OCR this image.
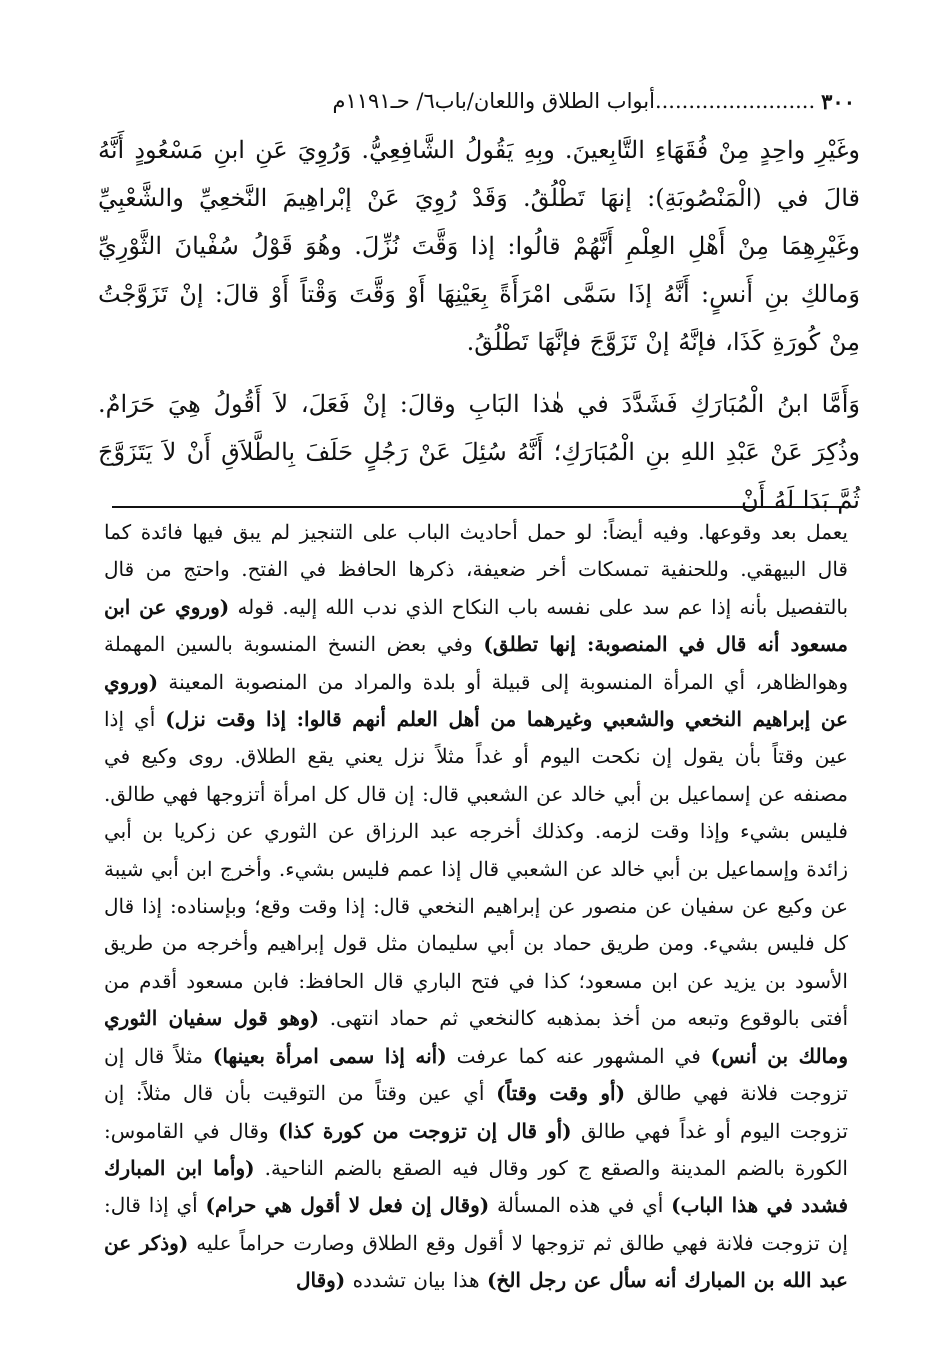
٣٠٠
........................
أبواب الطلاق واللعان/باب٦/ حـ١١٩١م

وغَيْرِ واحِدٍ مِنْ فُقَهَاءِ التَّابِعينَ. وبِهِ يَقُولُ الشَّافِعِيُّ. وَرُوِيَ عَنِ ابنِ مَسْعُودٍ أَنَّهُ قالَ في (الْمَنْصُوبَةِ): إنهَا تَطْلُقُ. وَقَدْ رُوِيَ عَنْ إبْراهِيمَ النَّخعِيِّ والشَّعْبِيِّ وغَيْرِهِمَا مِنْ أَهْلِ العِلْمِ أَنَّهُمْ قالُوا: إذا وَقَّتَ نُزِّلَ. وهُوَ قَوْلُ سُفْيانَ الثَّوْرِيِّ وَمالكِ بنِ أَنسٍ: أَنَّهُ إذَا سَمَّى امْرَأَةً بِعَيْنِهَا أَوْ وَقَّتَ وَقْتاً أَوْ قالَ: إنْ تَزَوَّجْتُ مِنْ كُورَةِ كَذَا، فإنَّهُ إنْ تَزَوَّجَ فإنَّهَا تَطْلُقُ.

وَأَمَّا ابنُ الْمُبَارَكِ فَشَدَّدَ في هٰذا البَابِ وقالَ: إنْ فَعَلَ، لاَ أَقُولُ هِيَ حَرَامٌ. وذُكِرَ عَنْ عَبْدِ اللهِ بنِ الْمُبَارَكِ؛ أَنَّهُ سُئِلَ عَنْ رَجُلٍ حَلَفَ بِالطَّلاَقِ أَنْ لاَ يَتَزَوَّجَ ثُمَّ بَدَا لَهُ أَنْ

يعمل بعد وقوعها. وفيه أيضاً: لو حمل أحاديث الباب على التنجيز لم يبق فيها فائدة كما قال البيهقي. وللحنفية تمسكات أخر ضعيفة، ذكرها الحافظ في الفتح. واحتج من قال بالتفصيل بأنه إذا عم سد على نفسه باب النكاح الذي ندب الله إليه. قوله (وروي عن ابن مسعود أنه قال في المنصوبة: إنها تطلق) وفي بعض النسخ المنسوبة بالسين المهملة وهوالظاهر، أي المرأة المنسوبة إلى قبيلة أو بلدة والمراد من المنصوبة المعينة (وروي عن إبراهيم النخعي والشعبي وغيرهما من أهل العلم أنهم قالوا: إذا وقت نزل) أي إذا عين وقتاً بأن يقول إن نكحت اليوم أو غداً مثلاً نزل يعني يقع الطلاق. روى وكيع في مصنفه عن إسماعيل بن أبي خالد عن الشعبي قال: إن قال كل امرأة أتزوجها فهي طالق. فليس بشيء وإذا وقت لزمه. وكذلك أخرجه عبد الرزاق عن الثوري عن زكريا بن أبي زائدة وإسماعيل بن أبي خالد عن الشعبي قال إذا عمم فليس بشيء. وأخرج ابن أبي شيبة عن وكيع عن سفيان عن منصور عن إبراهيم النخعي قال: إذا وقت وقع؛ وبإسناده: إذا قال كل فليس بشيء. ومن طريق حماد بن أبي سليمان مثل قول إبراهيم وأخرجه من طريق الأسود بن يزيد عن ابن مسعود؛ كذا في فتح الباري قال الحافظ: فابن مسعود أقدم من أفتى بالوقوع وتبعه من أخذ بمذهبه كالنخعي ثم حماد انتهى. (وهو قول سفيان الثوري ومالك بن أنس) في المشهور عنه كما عرفت (أنه إذا سمى امرأة بعينها) مثلاً قال إن تزوجت فلانة فهي طالق (أو وقت وقتاً) أي عين وقتاً من التوقيت بأن قال مثلاً: إن تزوجت اليوم أو غداً فهي طالق (أو قال إن تزوجت من كورة كذا) وقال في القاموس: الكورة بالضم المدينة والصقع ج كور وقال فيه الصقع بالضم الناحية. (وأما ابن المبارك فشدد في هذا الباب) أي في هذه المسألة (وقال إن فعل لا أقول هي حرام) أي إذا قال: إن تزوجت فلانة فهي طالق ثم تزوجها لا أقول وقع الطلاق وصارت حراماً عليه (وذكر عن عبد الله بن المبارك أنه سأل عن رجل الخ) هذا بيان تشدده (وقال
